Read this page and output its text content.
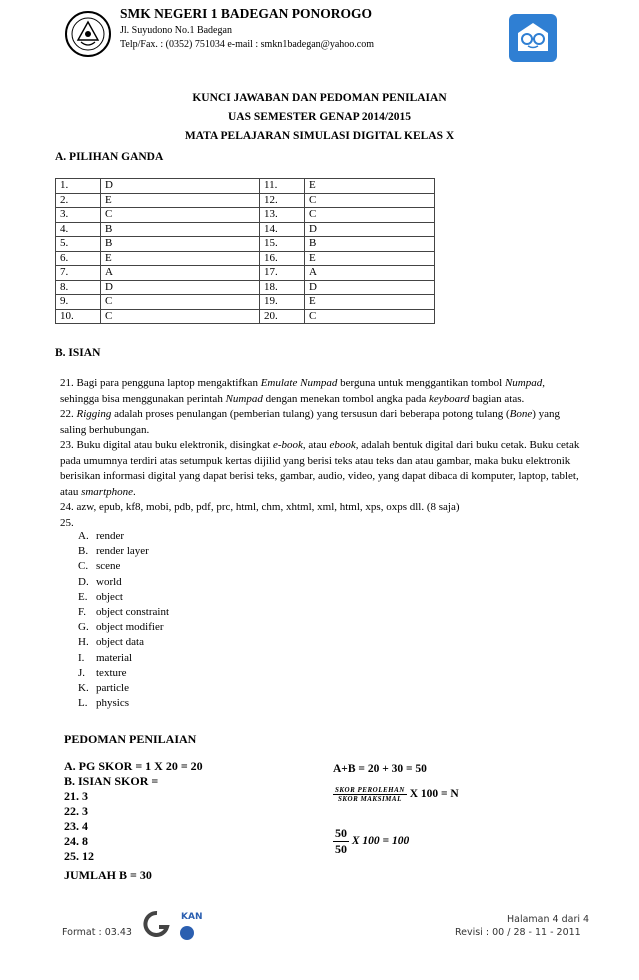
SMK NEGERI 1 BADEGAN PONOROGO
Jl. Suyudono No.1 Badegan
Telp/Fax. : (0352) 751034 e-mail : smkn1badegan@yahoo.com
KUNCI JAWABAN DAN PEDOMAN PENILAIAN
UAS SEMESTER GENAP 2014/2015
MATA PELAJARAN SIMULASI DIGITAL KELAS X
A. PILIHAN GANDA
1.	D	11.	E
2.	E	12.	C
3.	C	13.	C
4.	B	14.	D
5.	B	15.	B
6.	E	16.	E
7.	A	17.	A
8.	D	18.	D
9.	C	19.	E
10.	C	20.	C
B. ISIAN

21. Bagi para pengguna laptop mengaktifkan Emulate Numpad berguna untuk menggantikan tombol Numpad, sehingga bisa menggunakan perintah Numpad dengan menekan tombol angka pada keyboard bagian atas.

22. Rigging adalah proses penulangan (pemberian tulang) yang tersusun dari beberapa potong tulang (Bone) yang saling berhubungan.

23. Buku digital atau buku elektronik, disingkat e-book, atau ebook, adalah bentuk digital dari buku cetak. Buku cetak pada umumnya terdiri atas setumpuk kertas dijilid yang berisi teks atau teks dan atau gambar, maka buku elektronik berisikan informasi digital yang dapat berisi teks, gambar, audio, video, yang dapat dibaca di komputer, laptop, tablet, atau smartphone.

24. azw, epub, kf8, mobi, pdb, pdf, prc, html, chm, xhtml, xml, html, xps, oxps dll. (8 saja)

25.

A. render
B. render layer
C. scene
D. world
E. object
F. object constraint
G. object modifier
H. object data
I.	material
J. texture
K. particle
L. physics
PEDOMAN PENILAIAN
A. PG SKOR = 1 X 20 = 20
B. ISIAN SKOR =
21. 3
22. 3
23. 4
24. 8
25. 12
JUMLAH B = 30
A+B = 20 + 30 = 50
$\frac{\text{SKOR PEROLEHAN}}{\text{SKOR MAKSIMAL}}$ X 100 = N
$\frac{50}{50}$ X 100 = 100
Format : 03.43
KAN	Halaman 4 dari 4
Revisi : 00 / 28 - 11 - 2011
